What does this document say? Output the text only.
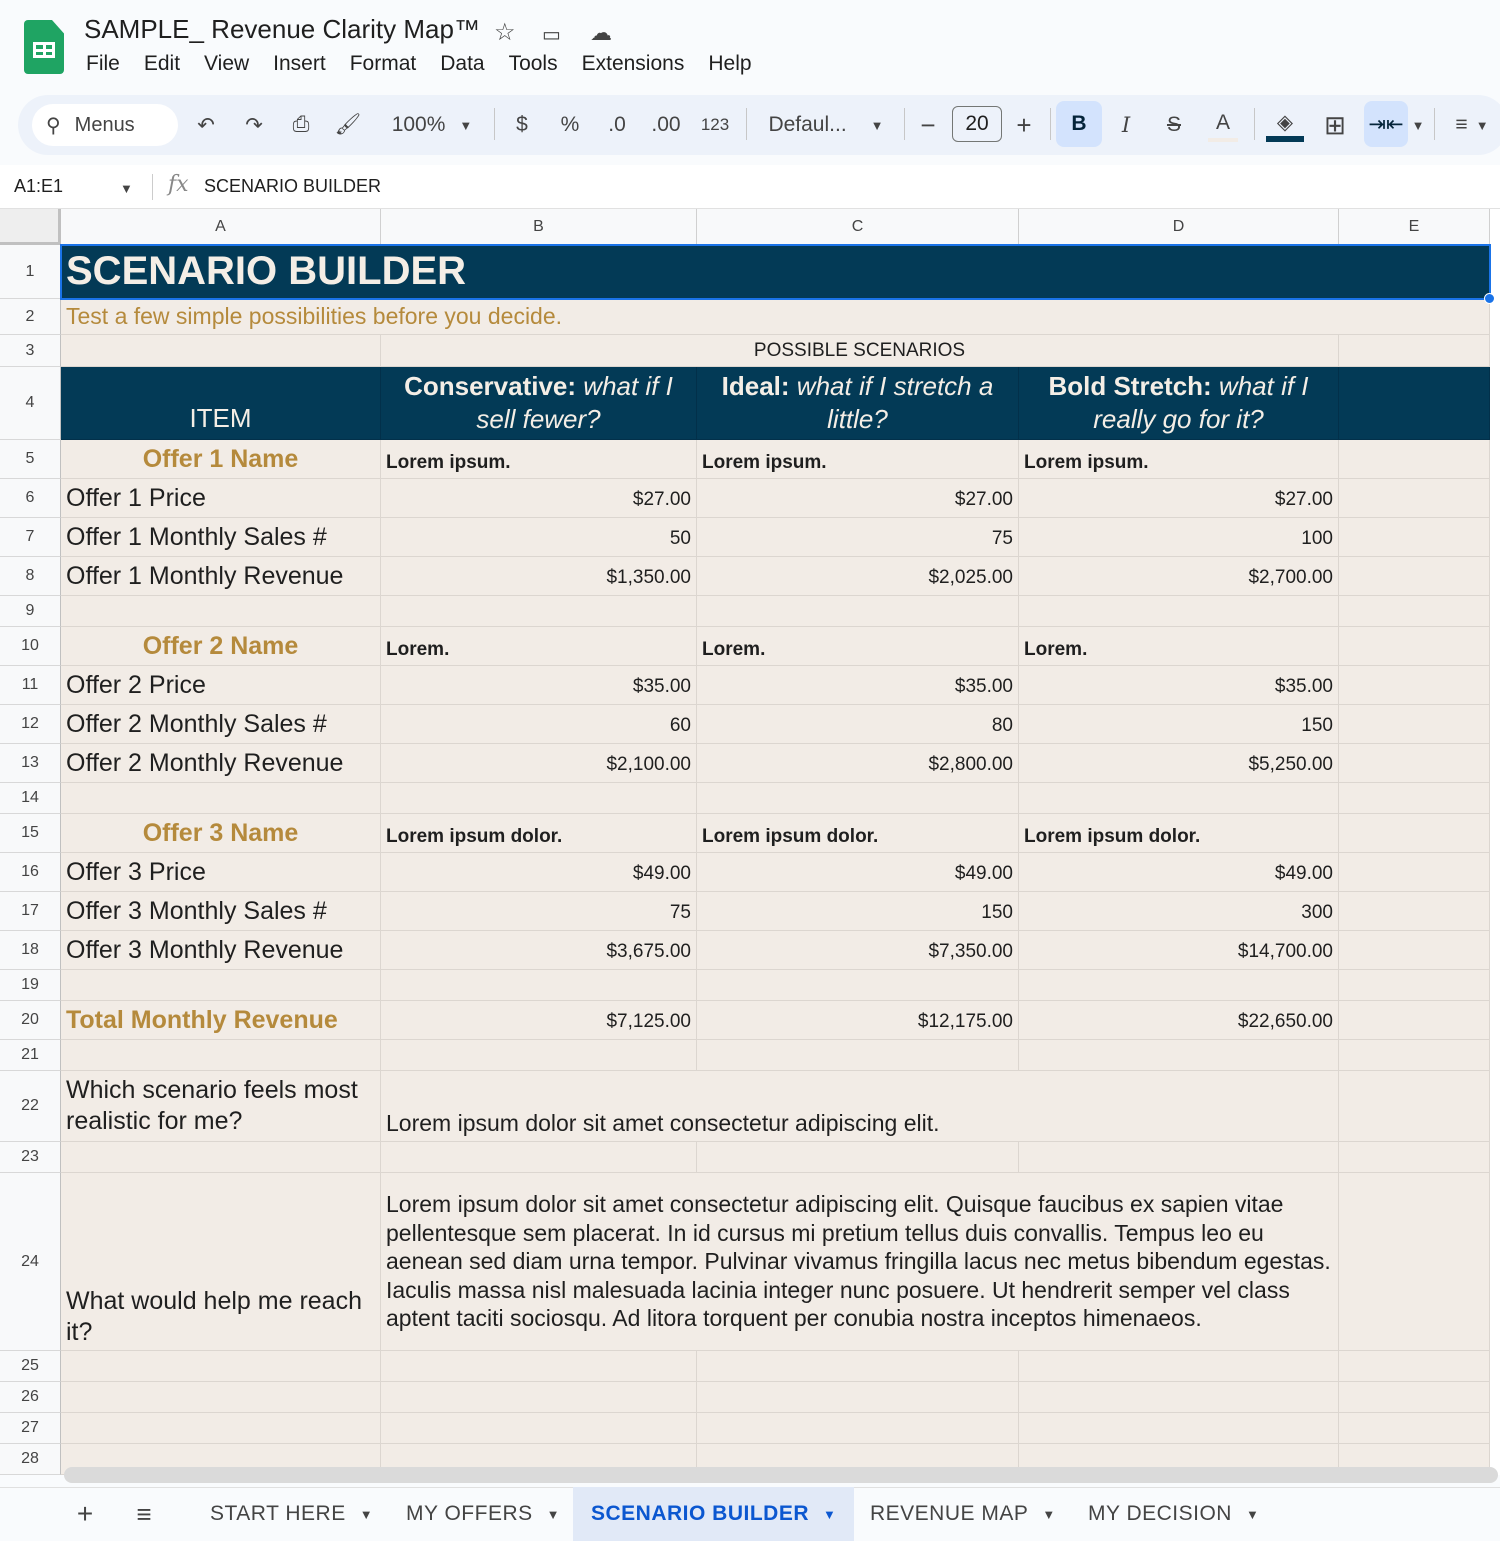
SAMPLE_ Revenue Clarity Map™ ☆ ▭ ☁
File	Edit	View	Insert	Format	Data	Tools	Extensions	Help
⚲ Menus	↶ ↷	⎙	🖌 100% ▼ $ % .0 .00 123 Defaul... ▼ −	20	+	B	I	S	A	◈	⊞ ⇥⇤ ▼ ≡ ▼
A1:E1	▼ fx SCENARIO BUILDER
A	B	C	D	E
1
2
3
4
5
6
7
8
9
10
11
12
13
14
15
16
17
18
19
20
21
22
23
24
25
26
27
28
SCENARIO BUILDER
Test a few simple possibilities before you decide.
POSSIBLE SCENARIOS
ITEM
Conservative: what if I sell fewer?
Ideal: what if I stretch a little?
Bold Stretch: what if I really go for it?
Offer 1 Name	Lorem ipsum.	Lorem ipsum.	Lorem ipsum.
Offer 1 Price	$27.00	$27.00	$27.00
Offer 1 Monthly Sales #	50	75	100
Offer 1 Monthly Revenue	$1,350.00	$2,025.00	$2,700.00
Offer 2 Name	Lorem.	Lorem.	Lorem.
Offer 2 Price	$35.00	$35.00	$35.00
Offer 2 Monthly Sales #	60	80	150
Offer 2 Monthly Revenue	$2,100.00	$2,800.00	$5,250.00
Offer 3 Name	Lorem ipsum dolor.	Lorem ipsum dolor.	Lorem ipsum dolor.
Offer 3 Price	$49.00	$49.00	$49.00
Offer 3 Monthly Sales #	75	150	300
Offer 3 Monthly Revenue	$3,675.00	$7,350.00	$14,700.00
Total Monthly Revenue	$7,125.00	$12,175.00	$22,650.00
Which scenario feels most realistic for me?	Lorem ipsum dolor sit amet consectetur adipiscing elit.
What would help me reach it?
Lorem ipsum dolor sit amet consectetur adipiscing elit. Quisque faucibus ex sapien vitae pellentesque sem placerat. In id cursus mi pretium tellus duis convallis. Tempus leo eu aenean sed diam urna tempor. Pulvinar vivamus fringilla lacus nec metus bibendum egestas. Iaculis massa nisl malesuada lacinia integer nunc posuere. Ut hendrerit semper vel class aptent taciti sociosqu. Ad litora torquent per conubia nostra inceptos himenaeos.
+ ≡	START HERE ▼ MY OFFERS ▼ SCENARIO BUILDER ▼ REVENUE MAP ▼ MY DECISION ▼
